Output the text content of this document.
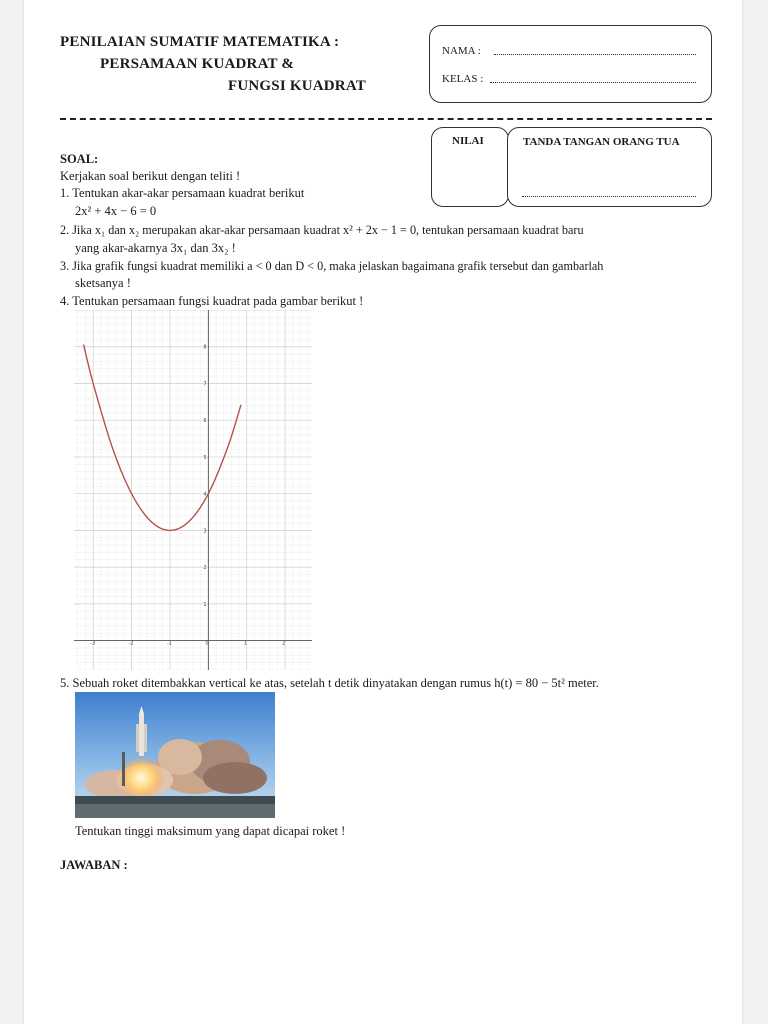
PENILAIAN SUMATIF MATEMATIKA :
PERSAMAAN KUADRAT &
FUNGSI KUADRAT
NAMA :
KELAS :
NILAI	TANDA TANGAN ORANG TUA
SOAL:
Kerjakan soal berikut dengan teliti !
1. Tentukan akar-akar persamaan kuadrat berikut
2x² + 4x − 6 = 0
2. Jika x₁ dan x₂ merupakan akar-akar persamaan kuadrat x² + 2x − 1 = 0, tentukan persamaan kuadrat baru
yang akar-akarnya 3x₁ dan 3x₂ !
3. Jika grafik fungsi kuadrat memiliki a < 0 dan D < 0, maka jelaskan bagaimana grafik tersebut dan gambarlah
sketsanya !
4. Tentukan persamaan fungsi kuadrat pada gambar berikut !
-3	-2	-1	0	1	2
1
2
3
4
5
6
7
8
5. Sebuah roket ditembakkan vertical ke atas, setelah t detik dinyatakan dengan rumus h(t) = 80 − 5t² meter.
Tentukan tinggi maksimum yang dapat dicapai roket !
JAWABAN :
